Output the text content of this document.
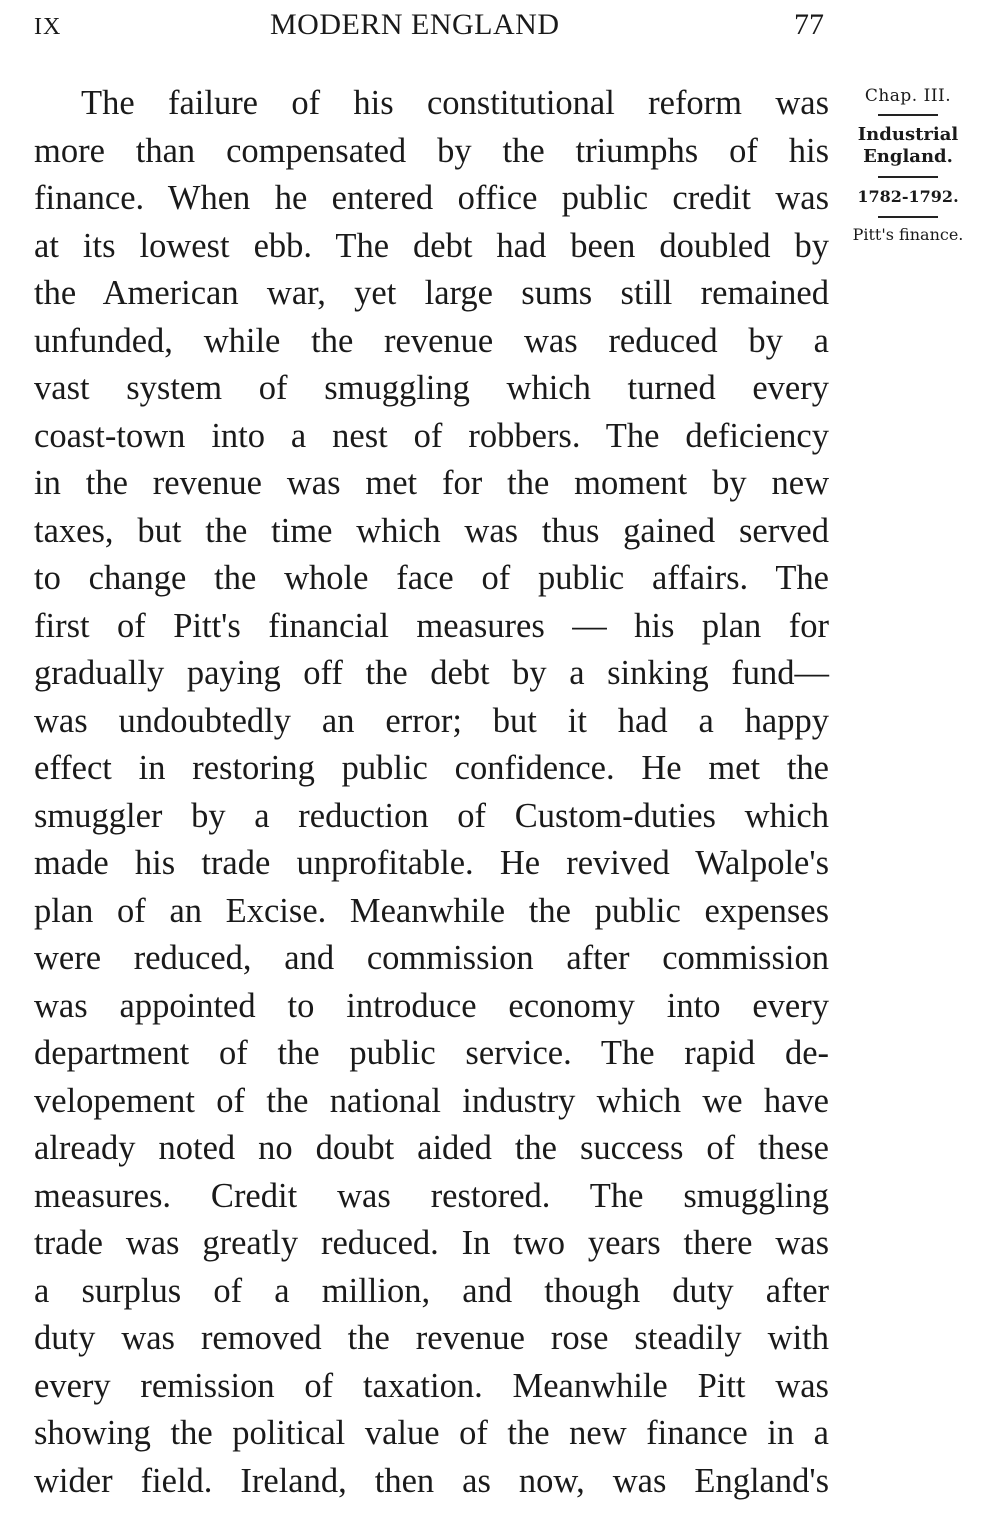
IX	MODERN ENGLAND	77
The failure of his constitutional reform was
more than compensated by the triumphs of his
finance. When he entered office public credit was
at its lowest ebb. The debt had been doubled by
the American war, yet large sums still remained
unfunded, while the revenue was reduced by a
vast system of smuggling which turned every
coast-town into a nest of robbers. The deficiency
in the revenue was met for the moment by new
taxes, but the time which was thus gained served
to change the whole face of public affairs. The
first of Pitt's financial measures — his plan for
gradually paying off the debt by a sinking fund—
was undoubtedly an error; but it had a happy
effect in restoring public confidence. He met the
smuggler by a reduction of Custom-duties which
made his trade unprofitable. He revived Walpole's
plan of an Excise. Meanwhile the public expenses
were reduced, and commission after commission
was appointed to introduce economy into every
department of the public service. The rapid de-
velopement of the national industry which we have
already noted no doubt aided the success of these
measures. Credit was restored. The smuggling
trade was greatly reduced. In two years there was
a surplus of a million, and though duty after
duty was removed the revenue rose steadily with
every remission of taxation. Meanwhile Pitt was
showing the political value of the new finance in a
wider field. Ireland, then as now, was England's
Chap. III.
Industrial England.
1782-1792.
Pitt's finance.
